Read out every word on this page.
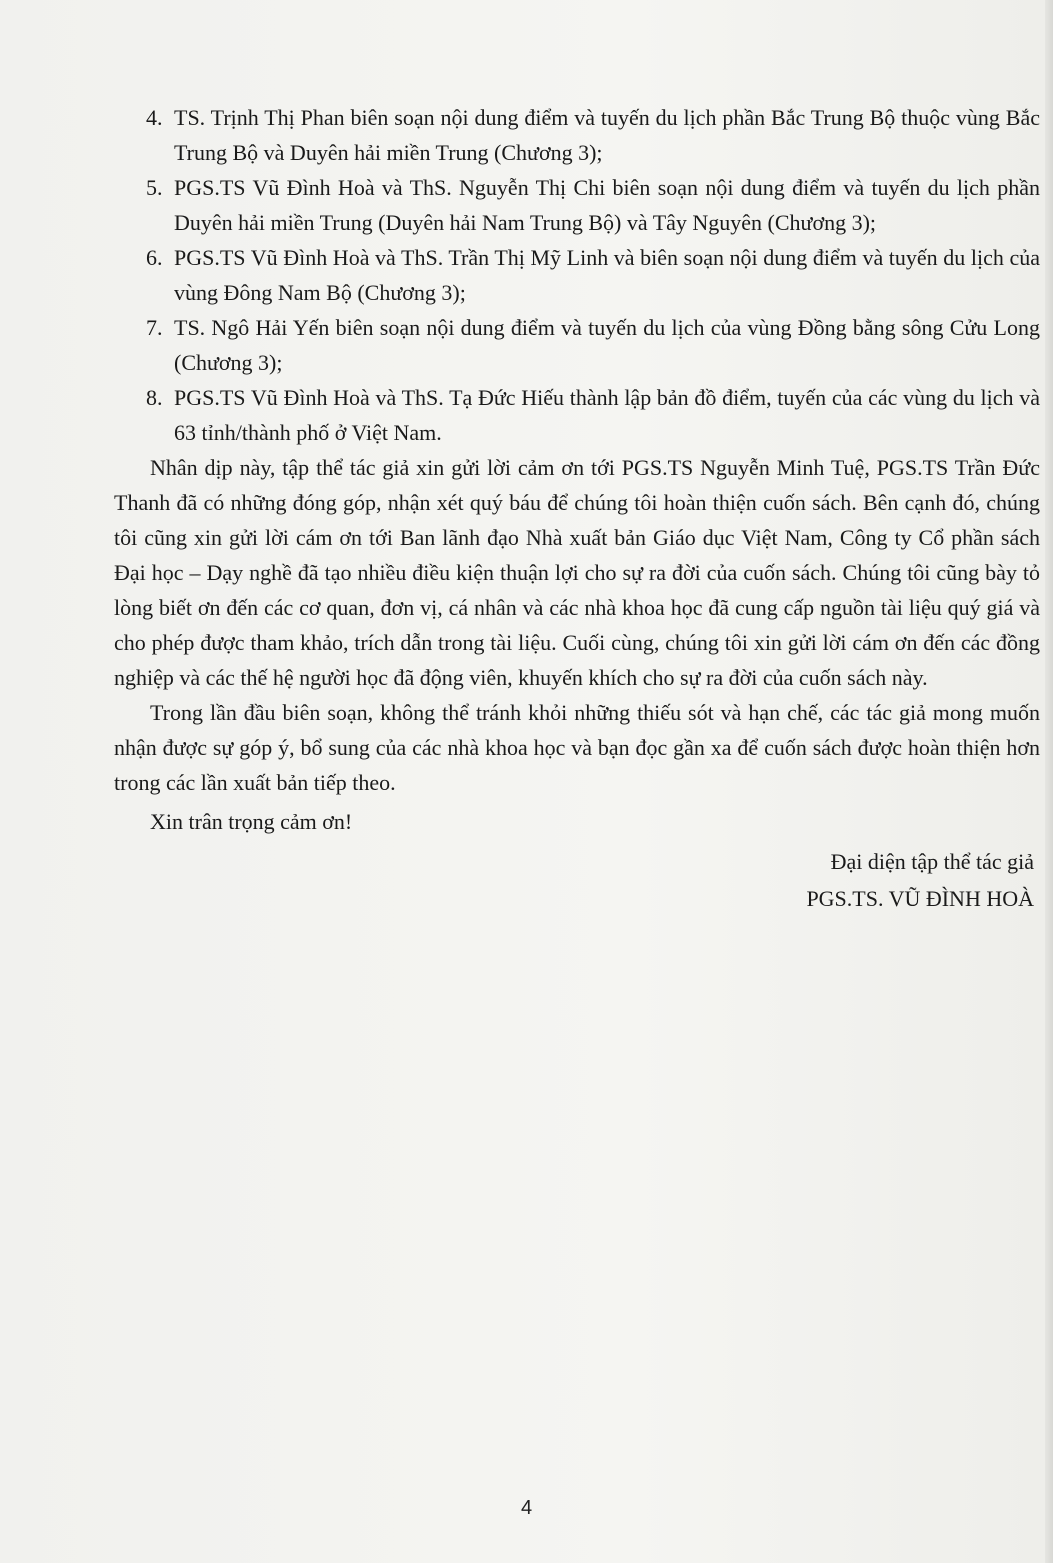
4. TS. Trịnh Thị Phan biên soạn nội dung điểm và tuyến du lịch phần Bắc Trung Bộ thuộc vùng Bắc Trung Bộ và Duyên hải miền Trung (Chương 3);
5. PGS.TS Vũ Đình Hoà và ThS. Nguyễn Thị Chi biên soạn nội dung điểm và tuyến du lịch phần Duyên hải miền Trung (Duyên hải Nam Trung Bộ) và Tây Nguyên (Chương 3);
6. PGS.TS Vũ Đình Hoà và ThS. Trần Thị Mỹ Linh và biên soạn nội dung điểm và tuyến du lịch của vùng Đông Nam Bộ (Chương 3);
7. TS. Ngô Hải Yến biên soạn nội dung điểm và tuyến du lịch của vùng Đồng bằng sông Cửu Long (Chương 3);
8. PGS.TS Vũ Đình Hoà và ThS. Tạ Đức Hiếu thành lập bản đồ điểm, tuyến của các vùng du lịch và 63 tỉnh/thành phố ở Việt Nam.

Nhân dịp này, tập thể tác giả xin gửi lời cảm ơn tới PGS.TS Nguyễn Minh Tuệ, PGS.TS Trần Đức Thanh đã có những đóng góp, nhận xét quý báu để chúng tôi hoàn thiện cuốn sách. Bên cạnh đó, chúng tôi cũng xin gửi lời cám ơn tới Ban lãnh đạo Nhà xuất bản Giáo dục Việt Nam, Công ty Cổ phần sách Đại học – Dạy nghề đã tạo nhiều điều kiện thuận lợi cho sự ra đời của cuốn sách. Chúng tôi cũng bày tỏ lòng biết ơn đến các cơ quan, đơn vị, cá nhân và các nhà khoa học đã cung cấp nguồn tài liệu quý giá và cho phép được tham khảo, trích dẫn trong tài liệu. Cuối cùng, chúng tôi xin gửi lời cám ơn đến các đồng nghiệp và các thế hệ người học đã động viên, khuyến khích cho sự ra đời của cuốn sách này.

Trong lần đầu biên soạn, không thể tránh khỏi những thiếu sót và hạn chế, các tác giả mong muốn nhận được sự góp ý, bổ sung của các nhà khoa học và bạn đọc gần xa để cuốn sách được hoàn thiện hơn trong các lần xuất bản tiếp theo.

Xin trân trọng cảm ơn!

Đại diện tập thể tác giả
PGS.TS. VŨ ĐÌNH HOÀ
4
